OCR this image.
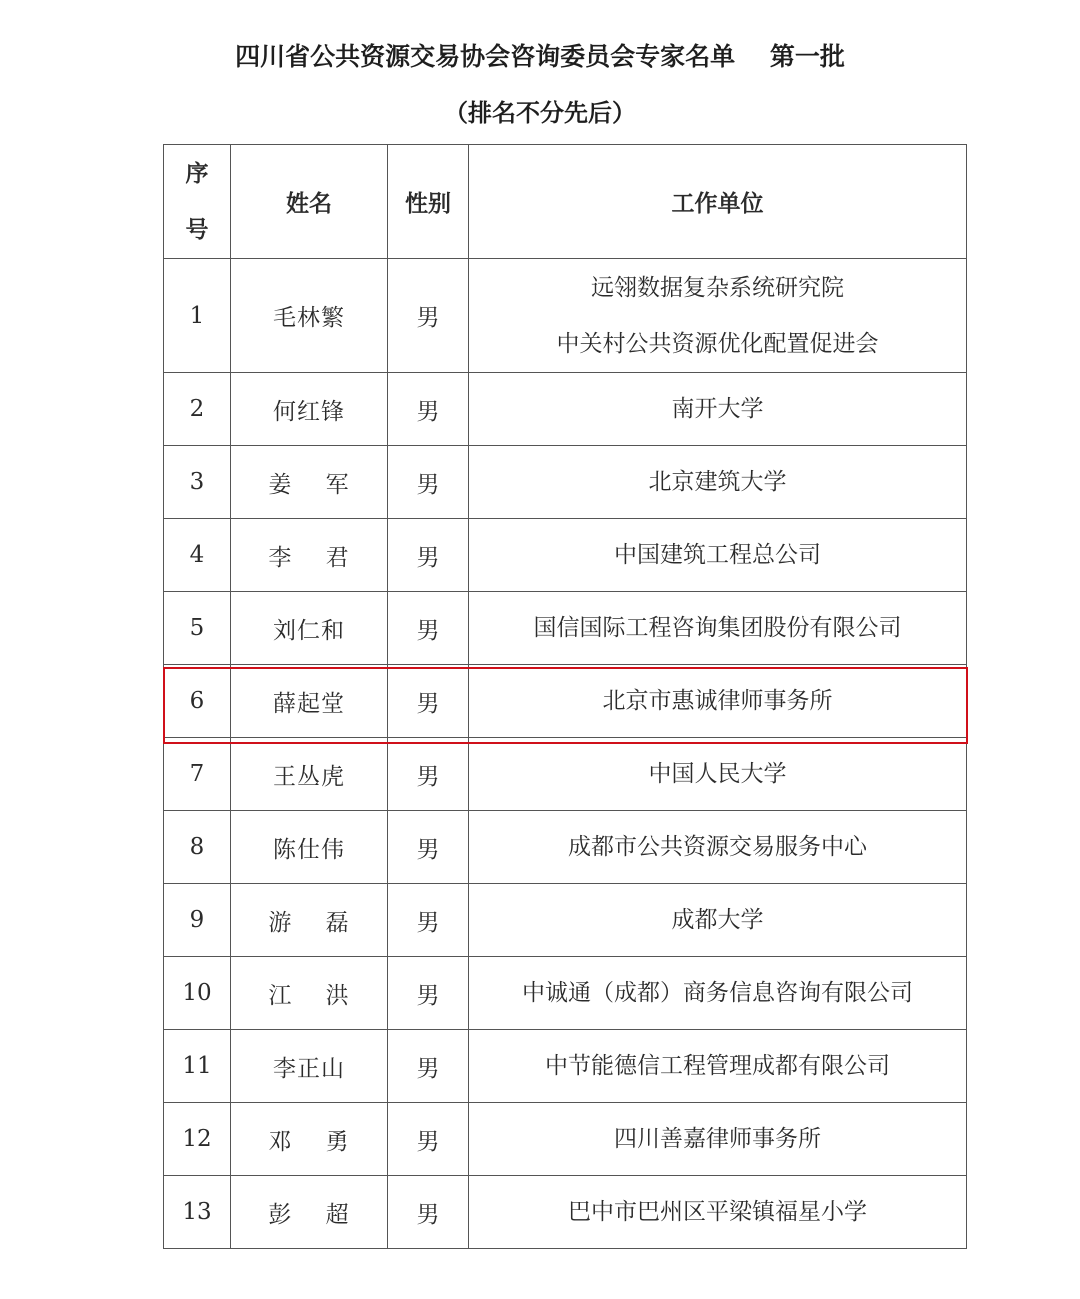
四川省公共资源交易协会咨询委员会专家名单    第一批
（排名不分先后）
序
号	姓名	性别	工作单位
1	毛林繁	男	远翎数据复杂系统研究院
中关村公共资源优化配置促进会

2	何红锋	男	南开大学

3	姜    军	男	北京建筑大学

4	李    君	男	中国建筑工程总公司

5	刘仁和	男	国信国际工程咨询集团股份有限公司

6	薛起堂	男	北京市惠诚律师事务所

7	王丛虎	男	中国人民大学

8	陈仕伟	男	成都市公共资源交易服务中心

9	游    磊	男	成都大学

10	江    洪	男	中诚通（成都）商务信息咨询有限公司

11	李正山	男	中节能德信工程管理成都有限公司

12	邓    勇	男	四川善嘉律师事务所

13	彭    超	男	巴中市巴州区平梁镇福星小学
